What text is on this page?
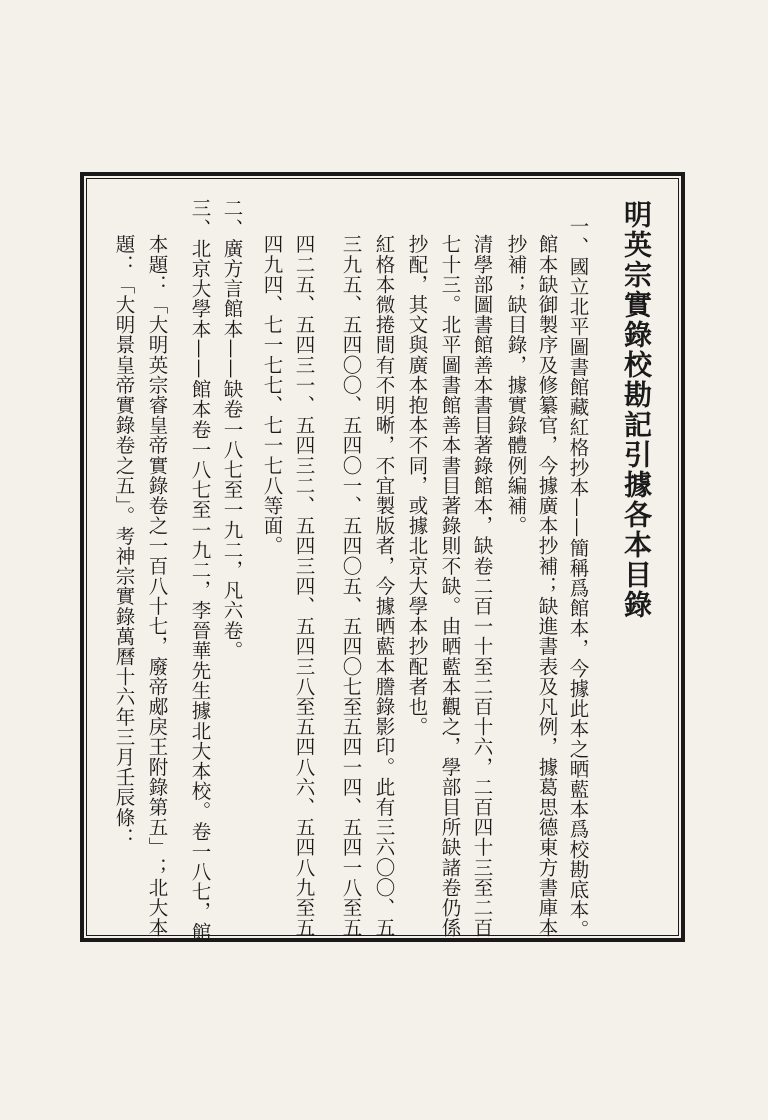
明英宗實錄校勘記引據各本目錄
一、國立北平圖書館藏紅格抄本——簡稱爲館本，今據此本之晒藍本爲校勘底本。
館本缺御製序及修纂官，今據廣本抄補；缺進書表及凡例，據葛思德東方書庫本
抄補；缺目錄，據實錄體例編補。
清學部圖書館善本書目著錄館本，缺卷二百一十至二百十六，二百四十三至二百
七十三。北平圖書館善本書目著錄則不缺。由晒藍本觀之，學部目所缺諸卷仍係
抄配，其文與廣本抱本不同，或據北京大學本抄配者也。
紅格本微捲間有不明晰，不宜製版者，今據晒藍本謄錄影印。此有三六〇〇、五
三九五、五四〇〇、五四〇一、五四〇五、五四〇七至五四一四、五四一八至五
四二五、五四三一、五四三二、五四三四、五四三八至五四八六、五四八九至五
四九四、七一七七、七一七八等面。
二、廣方言館本——缺卷一八七至一九二，凡六卷。
三、北京大學本——館本卷一八七至一九二，李晉華先生據北大本校。卷一八七，館
本題：「大明英宗睿皇帝實錄卷之一百八十七，廢帝郕戾王附錄第五」；北大本
題：「大明景皇帝實錄卷之五」。考神宗實錄萬曆十六年三月壬辰條：
